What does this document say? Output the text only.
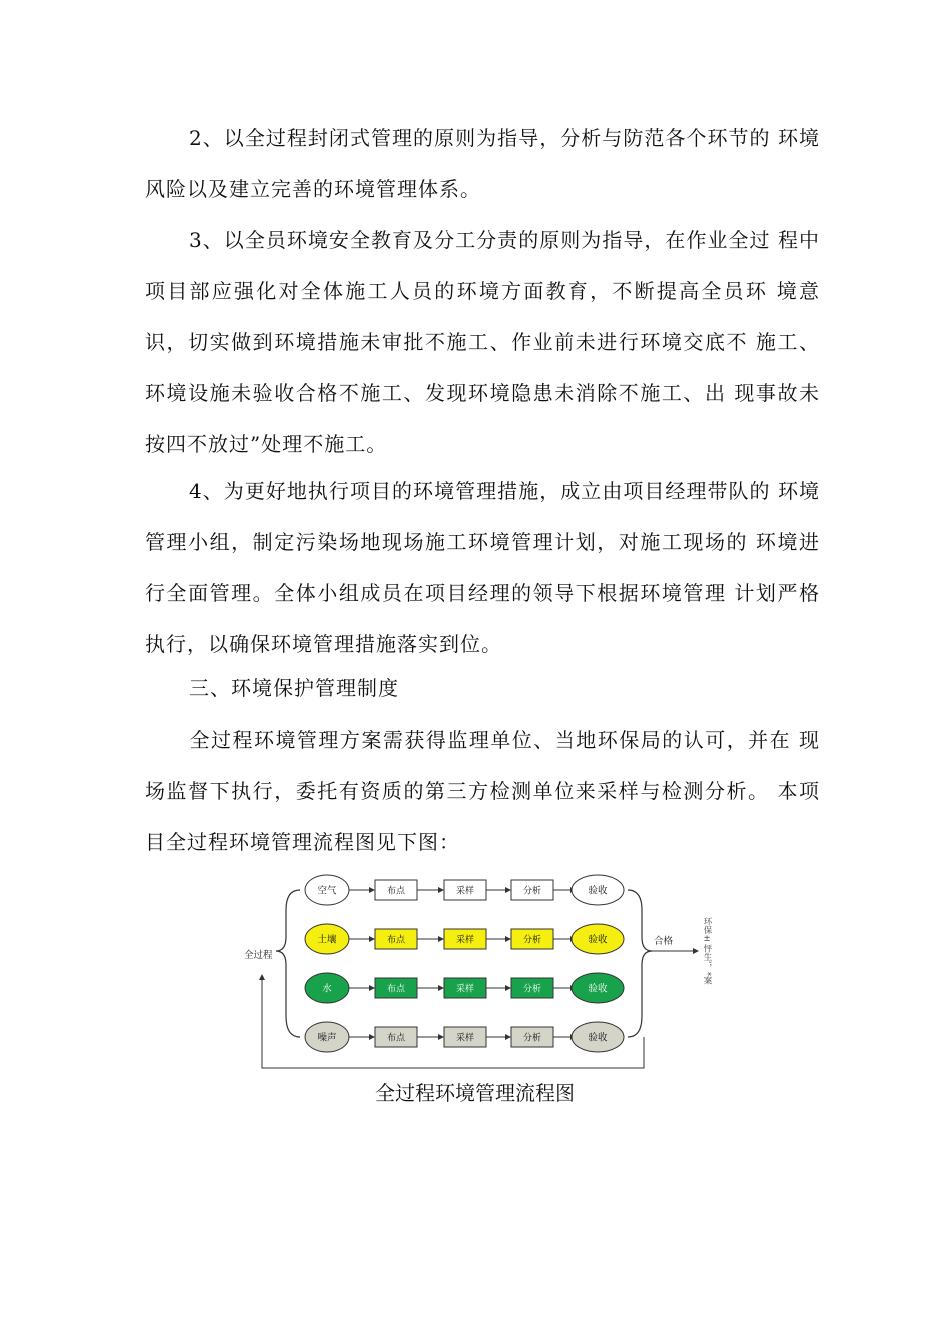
2、以全过程封闭式管理的原则为指导，分析与防范各个环节的 环境风险以及建立完善的环境管理体系。

3、以全员环境安全教育及分工分责的原则为指导，在作业全过 程中项目部应强化对全体施工人员的环境方面教育，不断提高全员环 境意识，切实做到环境措施未审批不施工、作业前未进行环境交底不 施工、环境设施未验收合格不施工、发现环境隐患未消除不施工、出 现事故未按四不放过”处理不施工。

4、为更好地执行项目的环境管理措施，成立由项目经理带队的 环境管理小组，制定污染场地现场施工环境管理计划，对施工现场的 环境进行全面管理。全体小组成员在项目经理的领导下根据环境管理 计划严格执行，以确保环境管理措施落实到位。

三、环境保护管理制度

全过程环境管理方案需获得监理单位、当地环保局的认可，并在 现场监督下执行，委托有资质的第三方检测单位来采样与检测分析。 本项目全过程环境管理流程图见下图：

空气	布点	采样	分析	验收
土壤	布点	采样	分析	验收
水	布点	采样	分析	验收
噪声	布点	采样	分析	验收
全过程
合格	环保±怦生'，*案
全过程环境管理流程图
